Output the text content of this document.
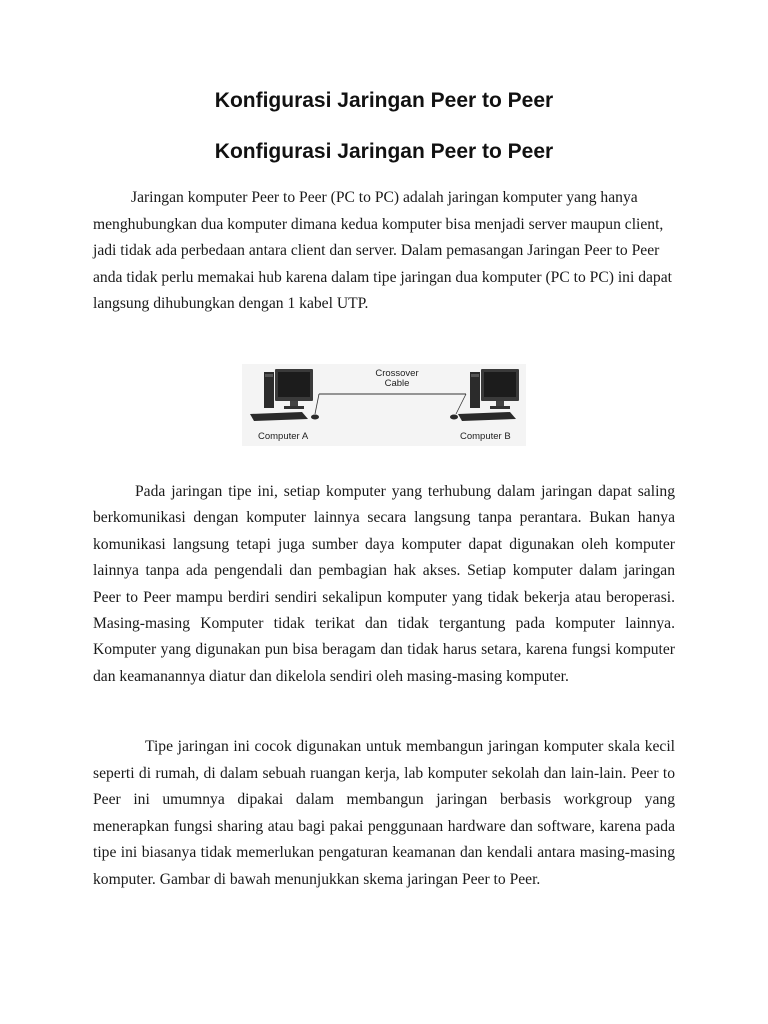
Konfigurasi Jaringan Peer to Peer
Konfigurasi Jaringan Peer to Peer

Jaringan komputer Peer to Peer (PC to PC) adalah jaringan komputer yang hanya menghubungkan dua komputer dimana kedua komputer bisa menjadi server maupun client, jadi tidak ada perbedaan antara client dan server. Dalam pemasangan Jaringan Peer to Peer anda tidak perlu memakai hub karena dalam tipe jaringan dua komputer (PC to PC) ini dapat langsung dihubungkan dengan 1 kabel UTP.

Crossover
Cable
Computer A	Computer B

Pada jaringan tipe ini, setiap komputer yang terhubung dalam jaringan dapat saling berkomunikasi dengan komputer lainnya secara langsung tanpa perantara. Bukan hanya komunikasi langsung tetapi juga sumber daya komputer dapat digunakan oleh komputer lainnya tanpa ada pengendali dan pembagian hak akses. Setiap komputer dalam jaringan Peer to Peer mampu berdiri sendiri sekalipun komputer yang tidak bekerja atau beroperasi. Masing-masing Komputer tidak terikat dan tidak tergantung pada komputer lainnya. Komputer yang digunakan pun bisa beragam dan tidak harus setara, karena fungsi komputer dan keamanannya diatur dan dikelola sendiri oleh masing-masing komputer.

Tipe jaringan ini cocok digunakan untuk membangun jaringan komputer skala kecil seperti di rumah, di dalam sebuah ruangan kerja, lab komputer sekolah dan lain-lain. Peer to Peer ini umumnya dipakai dalam membangun jaringan berbasis workgroup yang menerapkan fungsi sharing atau bagi pakai penggunaan hardware dan software, karena pada tipe ini biasanya tidak memerlukan pengaturan keamanan dan kendali antara masing-masing komputer. Gambar di bawah menunjukkan skema jaringan Peer to Peer.
